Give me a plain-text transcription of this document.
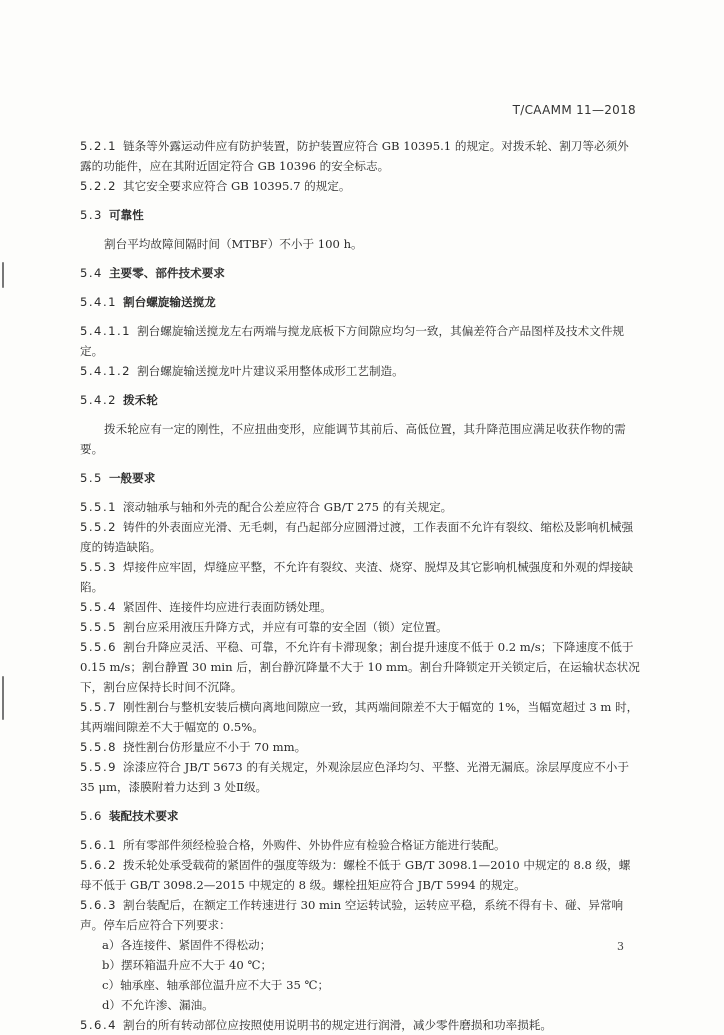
T/CAAMM 11—2018

5.2.1 链条等外露运动件应有防护装置，防护装置应符合 GB 10395.1 的规定。对拨禾轮、割刀等必须外露的功能件，应在其附近固定符合 GB 10396 的安全标志。

5.2.2 其它安全要求应符合 GB 10395.7 的规定。

5.3 可靠性

割台平均故障间隔时间（MTBF）不小于 100 h。

5.4 主要零、部件技术要求

5.4.1 割台螺旋输送搅龙

5.4.1.1 割台螺旋输送搅龙左右两端与搅龙底板下方间隙应均匀一致，其偏差符合产品图样及技术文件规定。

5.4.1.2 割台螺旋输送搅龙叶片建议采用整体成形工艺制造。

5.4.2 拨禾轮

拨禾轮应有一定的刚性，不应扭曲变形，应能调节其前后、高低位置，其升降范围应满足收获作物的需要。

5.5 一般要求

5.5.1 滚动轴承与轴和外壳的配合公差应符合 GB/T 275 的有关规定。

5.5.2 铸件的外表面应光滑、无毛刺，有凸起部分应圆滑过渡，工作表面不允许有裂纹、缩松及影响机械强度的铸造缺陷。

5.5.3 焊接件应牢固，焊缝应平整，不允许有裂纹、夹渣、烧穿、脱焊及其它影响机械强度和外观的焊接缺陷。

5.5.4 紧固件、连接件均应进行表面防锈处理。

5.5.5 割台应采用液压升降方式，并应有可靠的安全固（锁）定位置。

5.5.6 割台升降应灵活、平稳、可靠，不允许有卡滞现象；割台提升速度不低于 0.2 m/s；下降速度不低于 0.15 m/s；割台静置 30 min 后，割台静沉降量不大于 10 mm。割台升降锁定开关锁定后，在运输状态状况下，割台应保持长时间不沉降。

5.5.7 刚性割台与整机安装后横向离地间隙应一致，其两端间隙差不大于幅宽的 1%，当幅宽超过 3 m 时，其两端间隙差不大于幅宽的 0.5%。

5.5.8 挠性割台仿形量应不小于 70 mm。

5.5.9 涂漆应符合 JB/T 5673 的有关规定，外观涂层应色泽均匀、平整、光滑无漏底。涂层厚度应不小于 35 μm，漆膜附着力达到 3 处Ⅱ级。

5.6 装配技术要求

5.6.1 所有零部件须经检验合格，外购件、外协件应有检验合格证方能进行装配。

5.6.2 拨禾轮处承受载荷的紧固件的强度等级为：螺栓不低于 GB/T 3098.1—2010 中规定的 8.8 级，螺母不低于 GB/T 3098.2—2015 中规定的 8 级。螺栓扭矩应符合 JB/T 5994 的规定。

5.6.3 割台装配后，在额定工作转速进行 30 min 空运转试验，运转应平稳，系统不得有卡、碰、异常响声。停车后应符合下列要求：

a）各连接件、紧固件不得松动；

b）摆环箱温升应不大于 40 ℃；

c）轴承座、轴承部位温升应不大于 35 ℃；

d）不允许渗、漏油。

5.6.4 割台的所有转动部位应按照使用说明书的规定进行润滑，减少零件磨损和功率损耗。

3
